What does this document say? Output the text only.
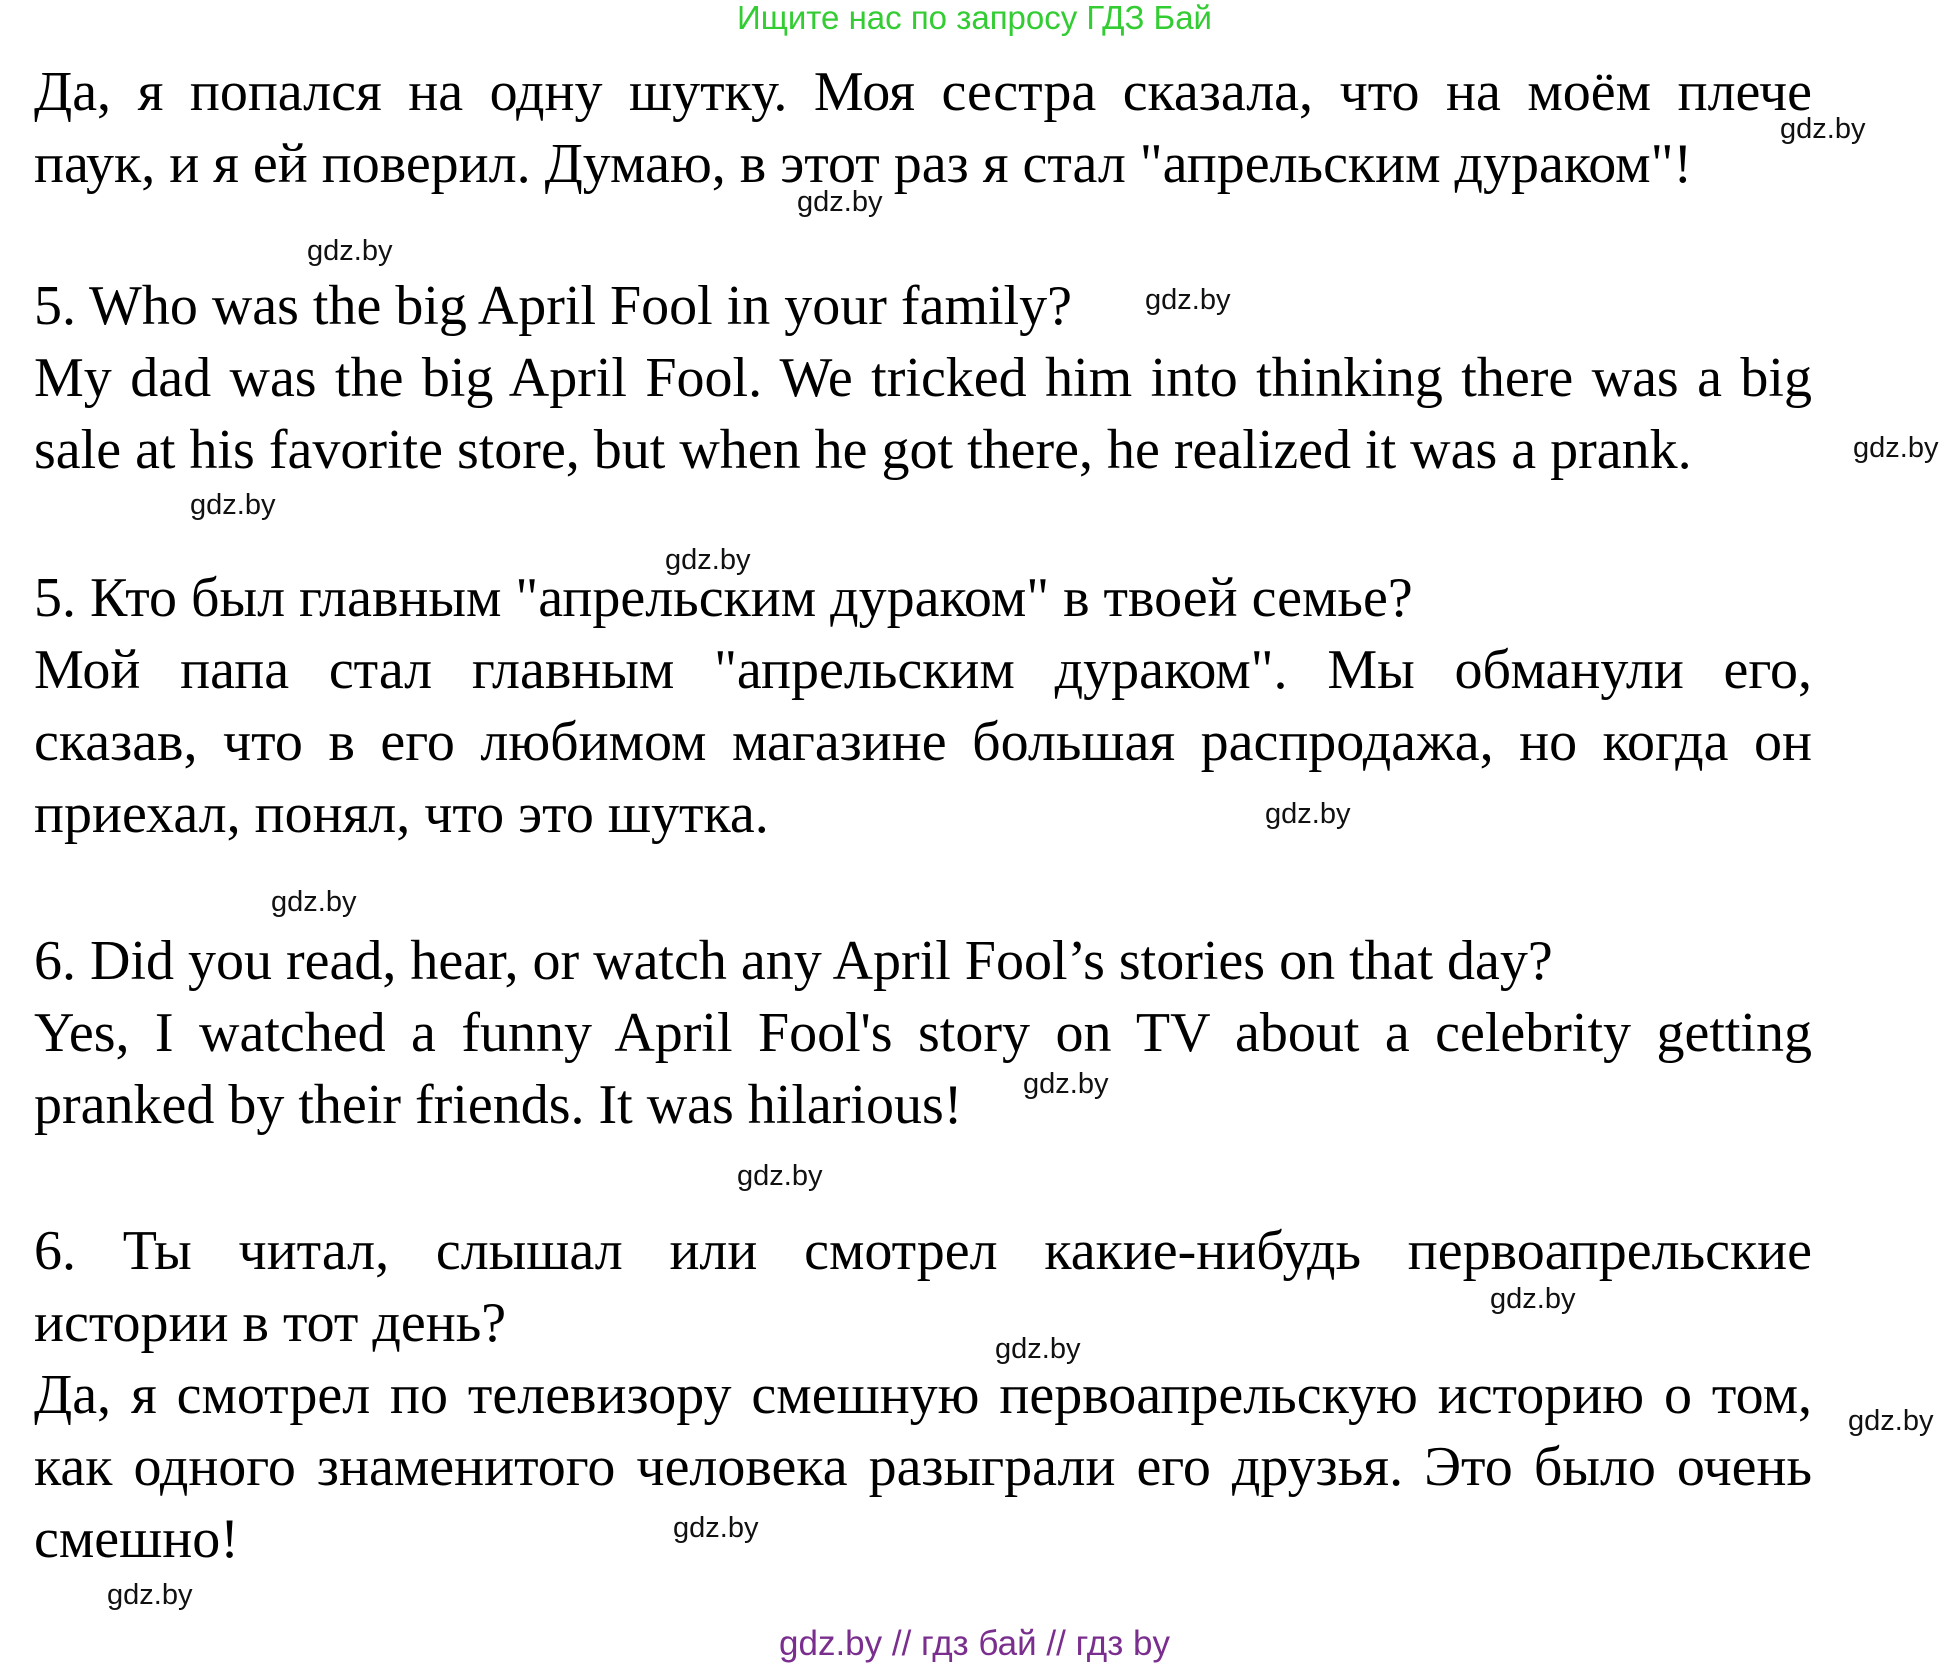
Ищите нас по запросу ГДЗ Бай
Да, я попался на одну шутку. Моя сестра сказала, что на моём плече
паук, и я ей поверил. Думаю, в этот раз я стал "апрельским дураком"!
5. Who was the big April Fool in your family?
My dad was the big April Fool. We tricked him into thinking there was a big
sale at his favorite store, but when he got there, he realized it was a prank.
5. Кто был главным "апрельским дураком" в твоей семье?
Мой папа стал главным "апрельским дураком". Мы обманули его,
сказав, что в его любимом магазине большая распродажа, но когда он
приехал, понял, что это шутка.
6. Did you read, hear, or watch any April Fool’s stories on that day?
Yes, I watched a funny April Fool's story on TV about a celebrity getting
pranked by their friends. It was hilarious!
6. Ты читал, слышал или смотрел какие-нибудь первоапрельские
истории в тот день?
Да, я смотрел по телевизору смешную первоапрельскую историю о том,
как одного знаменитого человека разыграли его друзья. Это было очень
смешно!
gdz.by
gdz.by
gdz.by
gdz.by
gdz.by
gdz.by
gdz.by
gdz.by
gdz.by
gdz.by
gdz.by
gdz.by
gdz.by
gdz.by
gdz.by
gdz.by
gdz.by // гдз бай // гдз by
